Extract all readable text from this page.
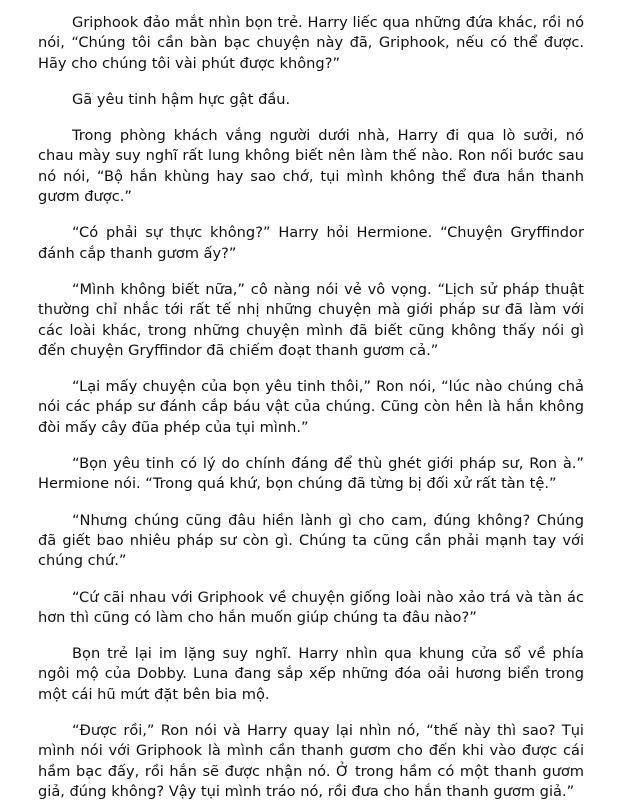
Griphook đảo mắt nhìn bọn trẻ. Harry liếc qua những đứa khác, rồi nó nói, “Chúng tôi cần bàn bạc chuyện này đã, Griphook, nếu có thể được. Hãy cho chúng tôi vài phút được không?”

Gã yêu tinh hậm hực gật đầu.

Trong phòng khách vắng người dưới nhà, Harry đi qua lò sưởi, nó chau mày suy nghĩ rất lung không biết nên làm thế nào. Ron nối bước sau nó nói, “Bộ hắn khùng hay sao chớ, tụi mình không thể đưa hắn thanh gươm được.”

“Có phải sự thực không?” Harry hỏi Hermione. “Chuyện Gryffindor đánh cắp thanh gươm ấy?”

“Mình không biết nữa,” cô nàng nói vẻ vô vọng. “Lịch sử pháp thuật thường chỉ nhắc tới rất tế nhị những chuyện mà giới pháp sư đã làm với các loài khác, trong những chuyện mình đã biết cũng không thấy nói gì đến chuyện Gryffindor đã chiếm đoạt thanh gươm cả.”

“Lại mấy chuyện của bọn yêu tinh thôi,” Ron nói, “lúc nào chúng chả nói các pháp sư đánh cắp báu vật của chúng. Cũng còn hên là hắn không đòi mấy cây đũa phép của tụi mình.”

“Bọn yêu tinh có lý do chính đáng để thù ghét giới pháp sư, Ron à.” Hermione nói. “Trong quá khứ, bọn chúng đã từng bị đối xử rất tàn tệ.”

“Nhưng chúng cũng đâu hiền lành gì cho cam, đúng không? Chúng đã giết bao nhiêu pháp sư còn gì. Chúng ta cũng cần phải mạnh tay với chúng chứ.”

“Cứ cãi nhau với Griphook về chuyện giống loài nào xảo trá và tàn ác hơn thì cũng có làm cho hắn muốn giúp chúng ta đâu nào?”

Bọn trẻ lại im lặng suy nghĩ. Harry nhìn qua khung cửa sổ về phía ngôi mộ của Dobby. Luna đang sắp xếp những đóa oải hương biển trong một cái hũ mứt đặt bên bia mộ.

“Được rồi,” Ron nói và Harry quay lại nhìn nó, “thế này thì sao? Tụi mình nói với Griphook là mình cần thanh gươm cho đến khi vào được cái hầm bạc đấy, rồi hắn sẽ được nhận nó. Ở trong hầm có một thanh gươm giả, đúng không? Vậy tụi mình tráo nó, rồi đưa cho hắn thanh gươm giả.”
